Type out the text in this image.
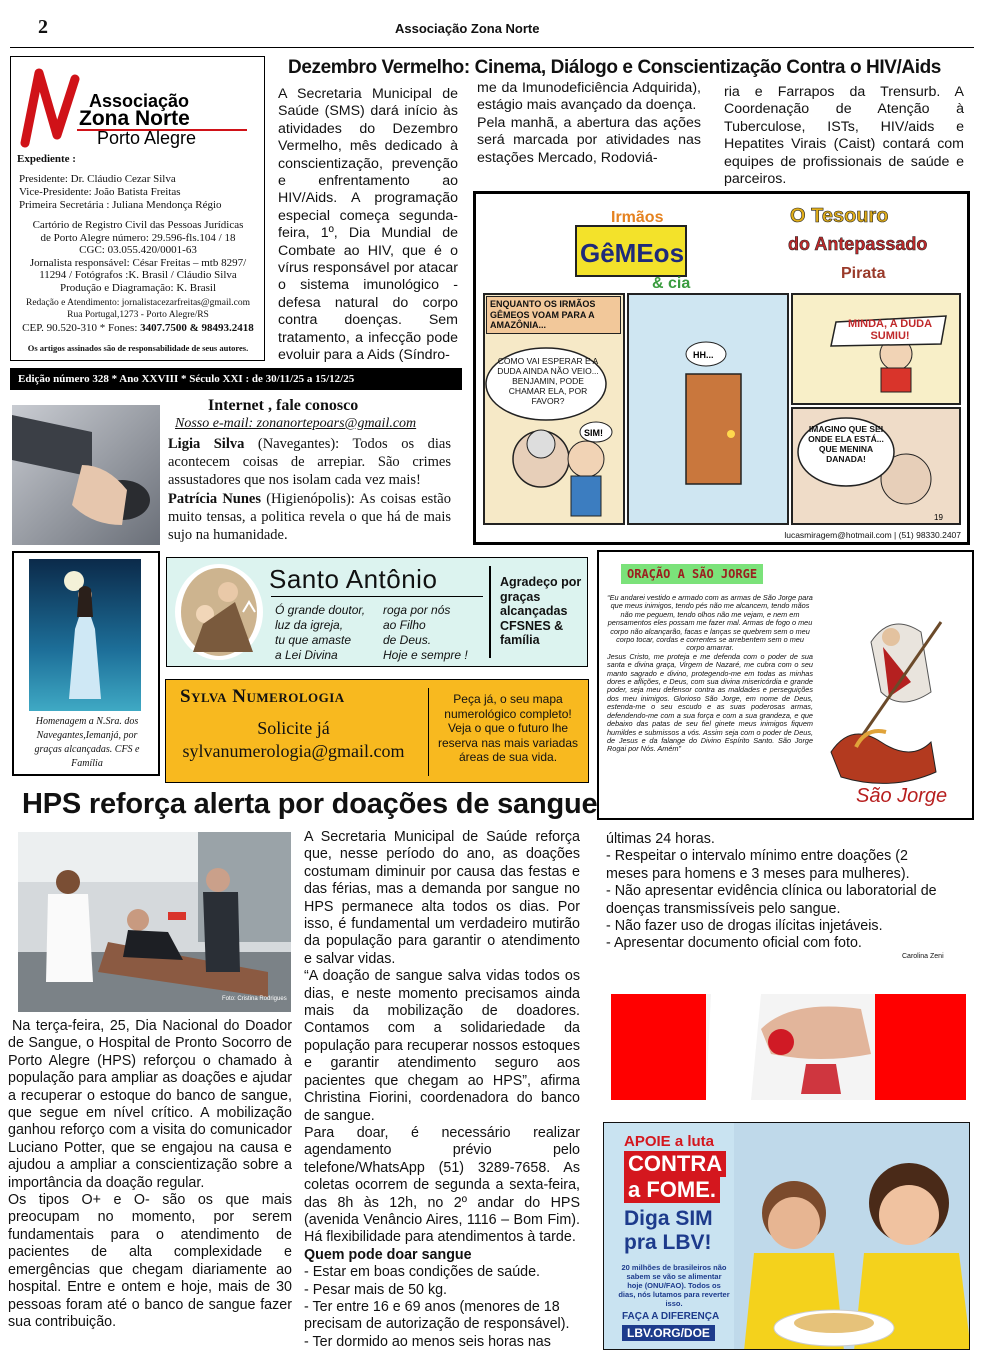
2	Associação Zona Norte
Associação
Zona Norte
Porto Alegre
Expediente :
Presidente: Dr. Cláudio Cezar Silva
Vice-Presidente: João Batista Freitas
Primeira Secretária : Juliana Mendonça Régio
Cartório de Registro Civil das Pessoas Jurídicas
de Porto Alegre número: 29.596-fls.104 / 18
CGC: 03.055.420/0001-63
Jornalista responsável: César Freitas – mtb 8297/
11294 / Fotógrafos :K. Brasil / Cláudio Silva
Produção e Diagramação: K. Brasil
Redação e Atendimento: jornalistacezarfreitas@gmail.com
Rua Portugal,1273 - Porto Alegre/RS
CEP. 90.520-310 * Fones: 3407.7500 & 98493.2418
Os artigos assinados são de responsabilidade de seus autores.
Edição número 328 * Ano XXVIII * Século XXI : de 30/11/25 a 15/12/25
Dezembro Vermelho: Cinema, Diálogo e Conscientização Contra o HIV/Aids
A Secretaria Municipal de Saúde (SMS) dará início às atividades do Dezembro Vermelho, mês dedicado à conscientização, prevenção e enfrentamento ao HIV/Aids. A programação especial começa segunda-feira, 1º, Dia Mundial de Combate ao HIV, que é o vírus responsável por atacar o sistema imunológico - defesa natural do corpo contra doenças. Sem tratamento, a infecção pode evoluir para a Aids (Síndro-

me da Imunodeficiência Adquirida), estágio mais avançado da doença.

Pela manhã, a abertura das ações será marcada por atividades nas estações Mercado, Rodoviá-

ria e Farrapos da Trensurb. A Coordenação de Atenção à Tuberculose, ISTs, HIV/aids e Hepatites Virais (Caist) contará com equipes de profissionais de saúde e parceiros.
Irmãos
GêMEos
& cia
O Tesouro
do Antepassado
Pirata
ENQUANTO OS IRMÃOS GÊMEOS VOAM PARA A AMAZÔNIA...
COMO VAI ESPERAR E A DUDA AINDA NÃO VEIO... BENJAMIN, PODE CHAMAR ELA, POR FAVOR?
SIM!
HH...
MINDA, A DUDA SUMIU!
IMAGINO QUE SEI ONDE ELA ESTÁ... QUE MENINA DANADA!
19
lucasmiragem@hotmail.com | (51) 98330.2407
Internet , fale conosco
Nosso e-mail: zonanortepoars@gmail.com
Ligia Silva (Navegantes): Todos os dias acontecem coisas de arrepiar. São crimes assustadores que nos isolam cada vez mais!
Patrícia Nunes (Higienópolis): As coisas estão muito tensas, a politica revela o que há de mais sujo na humanidade.
Homenagem a N.Sra. dos Navegantes,Iemanjá, por graças alcançadas. CFS e Família
Santo Antônio
Ó grande doutor,	roga por nós
luz da igreja,	ao Filho
tu que amaste	de Deus.
a Lei Divina	Hoje e sempre !
Agradeço por graças alcançadas CFSNES & família
Sylva Numerologia
Solicite já
sylvanumerologia@gmail.com
Peça já, o seu mapa numerológico completo! Veja o que o futuro lhe reserva nas mais variadas áreas de sua vida.
ORAÇÃO A SÃO JORGE
“Eu andarei vestido e armado com as armas de São Jorge para que meus inimigos, tendo pés não me alcancem, tendo mãos não me peguem, tendo olhos não me vejam, e nem em pensamentos eles possam me fazer mal. Armas de fogo o meu corpo não alcançarão, facas e lanças se quebrem sem o meu corpo tocar, cordas e correntes se arrebentem sem o meu corpo amarrar.
Jesus Cristo, me proteja e me defenda com o poder de sua santa e divina graça, Virgem de Nazaré, me cubra com o seu manto sagrado e divino, protegendo-me em todas as minhas dores e aflições, e Deus, com sua divina misericórdia e grande poder, seja meu defensor contra as maldades e perseguições dos meu inimigos. Glorioso São Jorge, em nome de Deus, estenda-me o seu escudo e as suas poderosas armas, defendendo-me com a sua força e com a sua grandeza, e que debaixo das patas de seu fiel ginete meus inimigos fiquem humildes e submissos a vós. Assim seja com o poder de Deus, de Jesus e da falange do Divino Espírito Santo. São Jorge Rogai por Nós. Amém”
São Jorge
HPS reforça alerta por doações de sangue
Foto: Cristina Rodrigues

Na terça-feira, 25, Dia Nacional do Doador de Sangue, o Hospital de Pronto Socorro de Porto Alegre (HPS) reforçou o chamado à população para ampliar as doações e ajudar a recuperar o estoque do banco de sangue, que segue em nível crítico. A mobilização ganhou reforço com a visita do comunicador Luciano Potter, que se engajou na causa e ajudou a ampliar a conscientização sobre a importância da doação regular.

Os tipos O+ e O- são os que mais preocupam no momento, por serem fundamentais para o atendimento de pacientes de alta complexidade e emergências que chegam diariamente ao hospital. Entre e ontem e hoje, mais de 30 pessoas foram até o banco de sangue fazer sua contribuição.

A Secretaria Municipal de Saúde reforça que, nesse período do ano, as doações costumam diminuir por causa das festas e das férias, mas a demanda por sangue no HPS permanece alta todos os dias. Por isso, é fundamental um verdadeiro mutirão da população para garantir o atendimento e salvar vidas.

“A doação de sangue salva vidas todos os dias, e neste momento precisamos ainda mais da mobilização de doadores. Contamos com a solidariedade da população para recuperar nossos estoques e garantir atendimento seguro aos pacientes que chegam ao HPS”, afirma Christina Fiorini, coordenadora do banco de sangue.

Para doar, é necessário realizar agendamento prévio pelo telefone/WhatsApp (51) 3289-7658. As coletas ocorrem de segunda a sexta-feira, das 8h às 12h, no 2º andar do HPS (avenida Venâncio Aires, 1116 – Bom Fim). Há flexibilidade para atendimentos à tarde.

Quem pode doar sangue

- Estar em boas condições de saúde.

- Pesar mais de 50 kg.

- Ter entre 16 e 69 anos (menores de 18 precisam de autorização de responsável).

- Ter dormido ao menos seis horas nas

últimas 24 horas.

- Respeitar o intervalo mínimo entre doações (2 meses para homens e 3 meses para mulheres).

- Não apresentar evidência clínica ou laboratorial de doenças transmissíveis pelo sangue.

- Não fazer uso de drogas ilícitas injetáveis.

- Apresentar documento oficial com foto.

Carolina Zeni
APOIE a luta
CONTRA
a FOME.
Diga SIM
pra LBV!
20 milhões de brasileiros não sabem se vão se alimentar hoje (ONU/FAO). Todos os dias, nós lutamos para reverter isso.
FAÇA A DIFERENÇA
LBV.ORG/DOE
